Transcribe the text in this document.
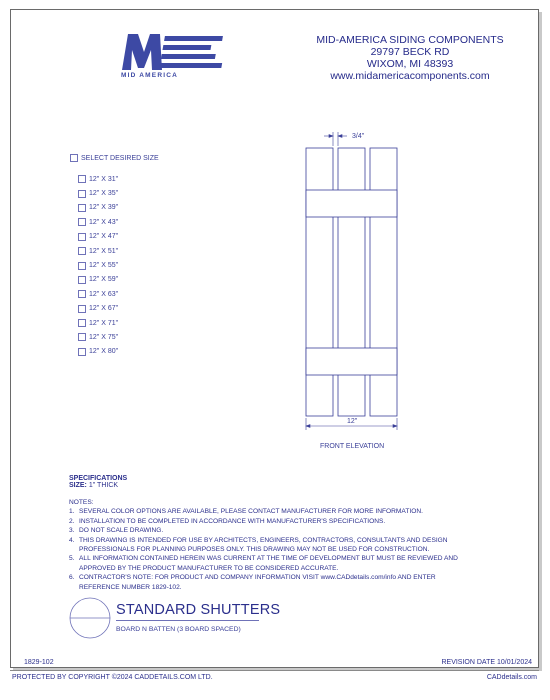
MID AMERICA
MID-AMERICA SIDING COMPONENTS
29797 BECK RD
WIXOM, MI 48393
www.midamericacomponents.com
SELECT DESIRED SIZE
12" X 31"
12" X 35"
12" X 39"
12" X 43"
12" X 47"
12" X 51"
12" X 55"
12" X 59"
12" X 63"
12" X 67"
12" X 71"
12" X 75"
12" X 80"
3/4"
12"
FRONT ELEVATION
SPECIFICATIONS
SIZE: 1" THICK
NOTES:
1. SEVERAL COLOR OPTIONS ARE AVAILABLE, PLEASE CONTACT MANUFACTURER FOR MORE INFORMATION.
2. INSTALLATION TO BE COMPLETED IN ACCORDANCE WITH MANUFACTURER'S SPECIFICATIONS.
3. DO NOT SCALE DRAWING.
4. THIS DRAWING IS INTENDED FOR USE BY ARCHITECTS, ENGINEERS, CONTRACTORS, CONSULTANTS AND DESIGN
PROFESSIONALS FOR PLANNING PURPOSES ONLY. THIS DRAWING MAY NOT BE USED FOR CONSTRUCTION.
5. ALL INFORMATION CONTAINED HEREIN WAS CURRENT AT THE TIME OF DEVELOPMENT BUT MUST BE REVIEWED AND
APPROVED BY THE PRODUCT MANUFACTURER TO BE CONSIDERED ACCURATE.
6. CONTRACTOR'S NOTE: FOR PRODUCT AND COMPANY INFORMATION VISIT www.CADdetails.com/info AND ENTER
REFERENCE NUMBER 1829-102.
STANDARD SHUTTERS
BOARD N BATTEN (3 BOARD SPACED)
1829-102	REVISION DATE 10/01/2024
PROTECTED BY COPYRIGHT ©2024 CADDETAILS.COM LTD.	CADdetails.com
